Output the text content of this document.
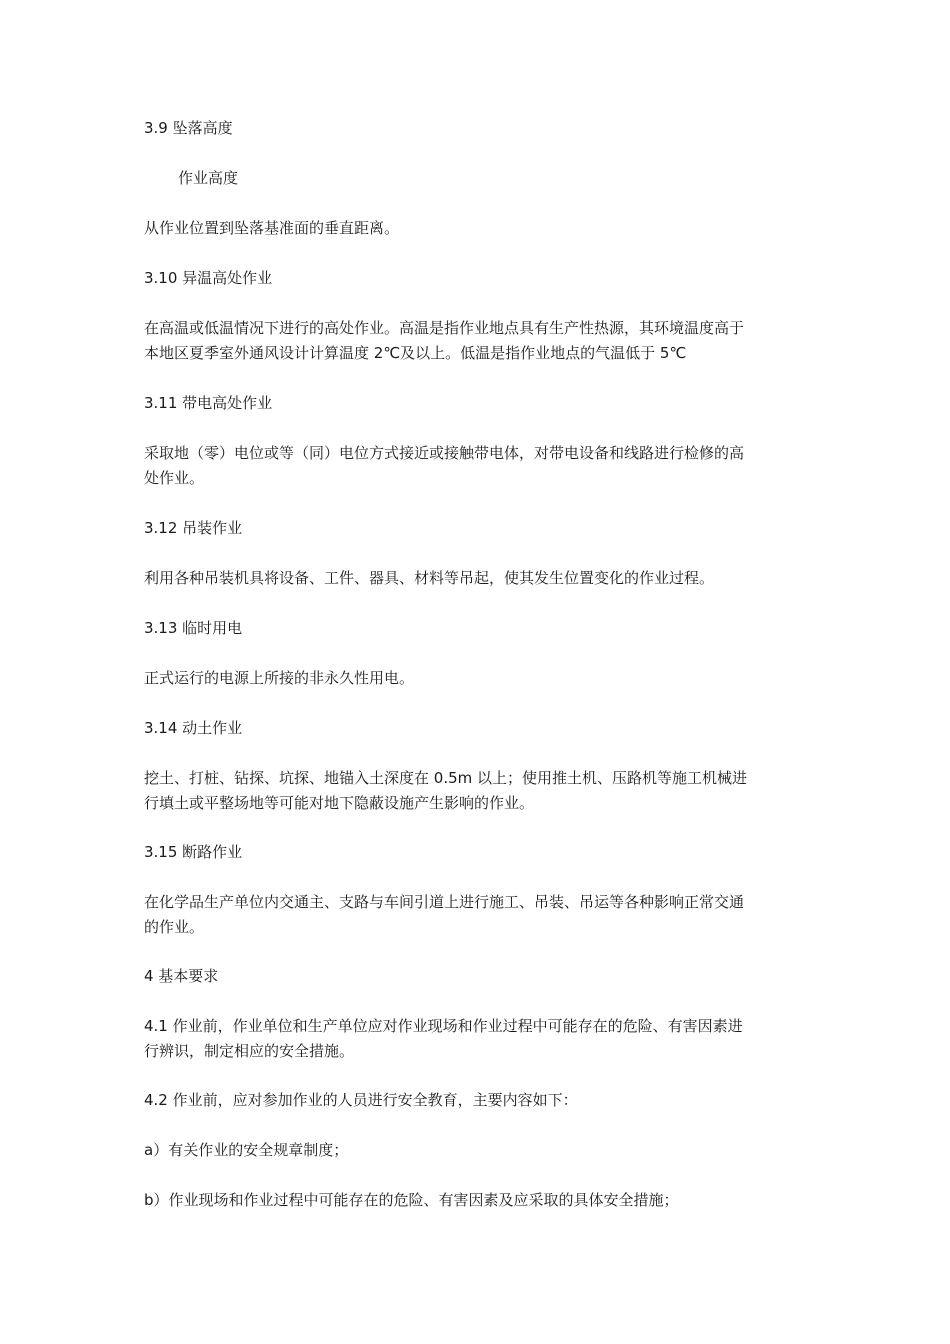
3.9 坠落高度

作业高度

从作业位置到坠落基准面的垂直距离。

3.10 异温高处作业

在高温或低温情况下进行的高处作业。高温是指作业地点具有生产性热源，其环境温度高于
本地区夏季室外通风设计计算温度 2℃及以上。低温是指作业地点的气温低于 5℃

3.11 带电高处作业

采取地（零）电位或等（同）电位方式接近或接触带电体，对带电设备和线路进行检修的高
处作业。

3.12 吊装作业

利用各种吊装机具将设备、工件、器具、材料等吊起，使其发生位置变化的作业过程。

3.13 临时用电

正式运行的电源上所接的非永久性用电。

3.14 动土作业

挖土、打桩、钻探、坑探、地锚入土深度在 0.5m 以上；使用推土机、压路机等施工机械进
行填土或平整场地等可能对地下隐蔽设施产生影响的作业。

3.15 断路作业

在化学品生产单位内交通主、支路与车间引道上进行施工、吊装、吊运等各种影响正常交通
的作业。

4 基本要求

4.1 作业前，作业单位和生产单位应对作业现场和作业过程中可能存在的危险、有害因素进
行辨识，制定相应的安全措施。

4.2 作业前，应对参加作业的人员进行安全教育，主要内容如下：

a）有关作业的安全规章制度；

b）作业现场和作业过程中可能存在的危险、有害因素及应采取的具体安全措施；
